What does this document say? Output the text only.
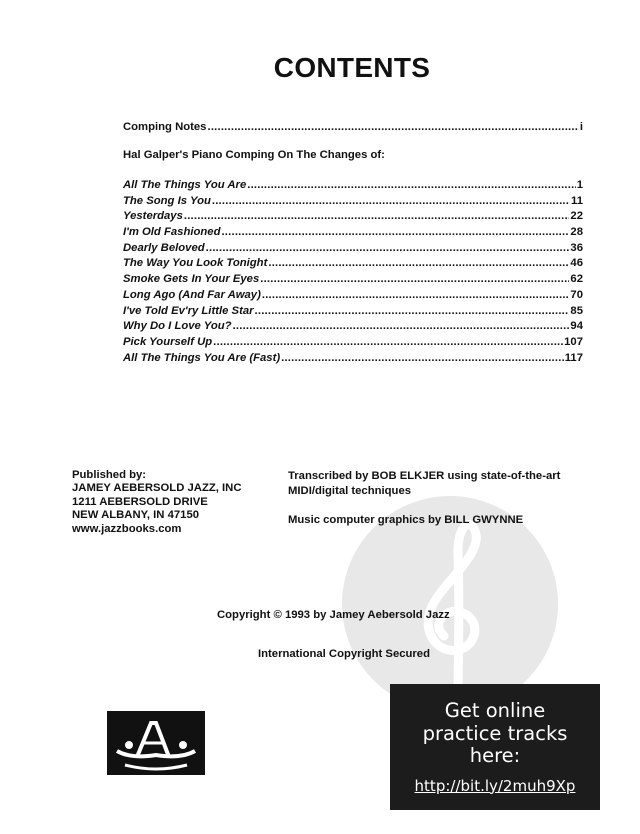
CONTENTS
Comping Notes .....	i
Hal Galper's Piano Comping On The Changes of:
All The Things You Are .....	1
The Song Is You .....	11
Yesterdays .....	22
I'm Old Fashioned .....	28
Dearly Beloved .....	36
The Way You Look Tonight .....	46
Smoke Gets In Your Eyes .....	62
Long Ago (And Far Away) .....	70
I've Told Ev'ry Little Star .....	85
Why Do I Love You? .....	94
Pick Yourself Up .....	107
All The Things You Are (Fast) .....	117
Published by:
JAMEY AEBERSOLD JAZZ, INC
1211 AEBERSOLD DRIVE
NEW ALBANY, IN 47150
www.jazzbooks.com
Transcribed by BOB ELKJER using state-of-the-art
MIDI/digital techniques
Music computer graphics by BILL GWYNNE
Copyright © 1993 by Jamey Aebersold Jazz
International Copyright Secured
Get online
practice tracks
here:
http://bit.ly/2muh9Xp
